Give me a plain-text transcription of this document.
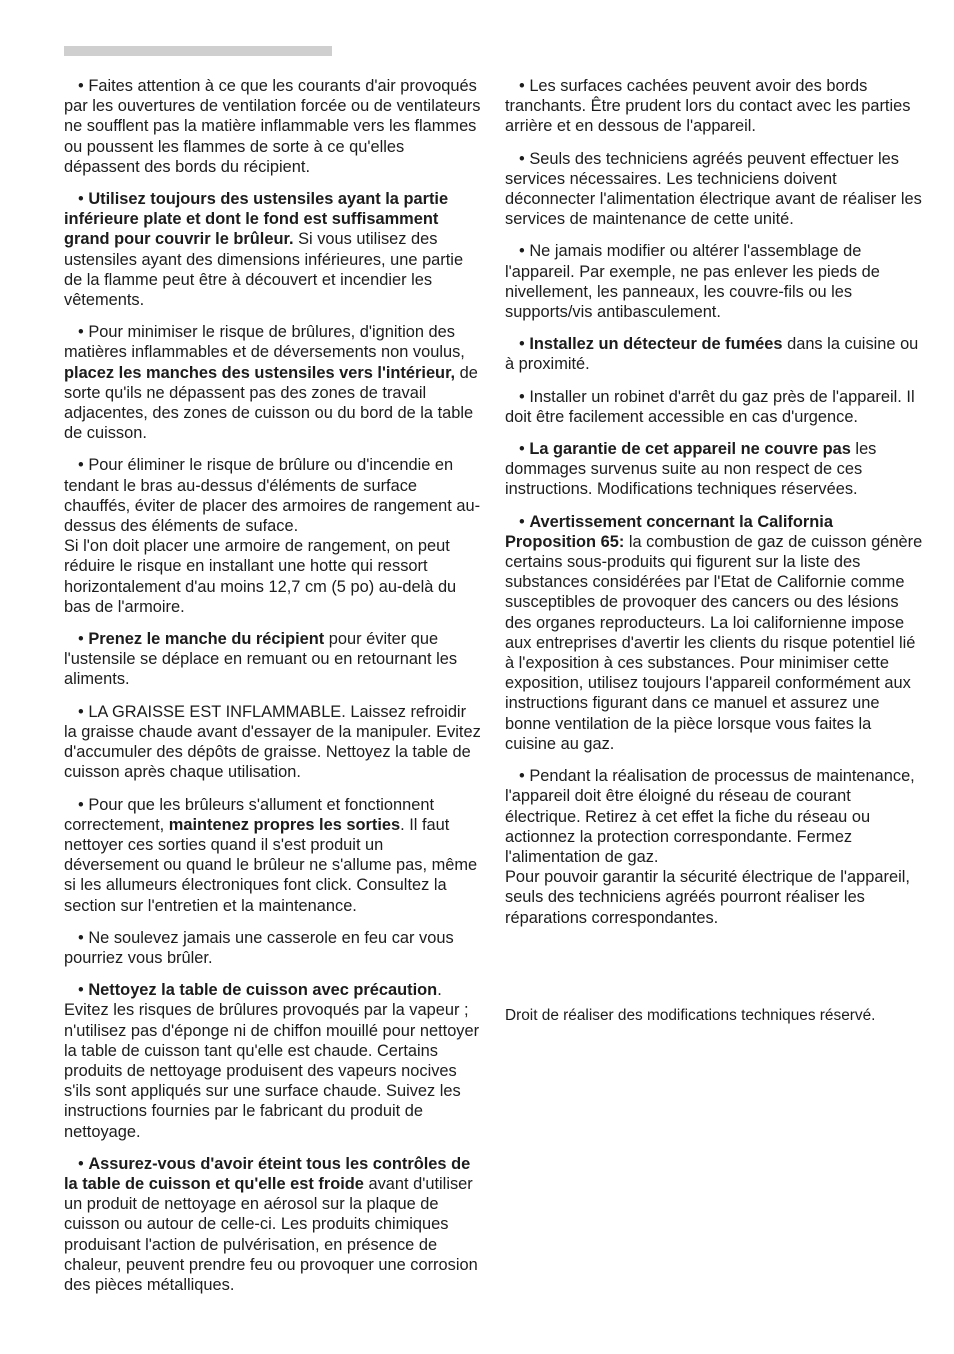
• Faites attention à ce que les courants d'air provoqués par les ouvertures de ventilation forcée ou de ventilateurs ne soufflent pas la matière inflammable vers les flammes ou poussent les flammes de sorte à ce qu'elles dépassent des bords du récipient.

• Utilisez toujours des ustensiles ayant la partie inférieure plate et dont le fond est suffisamment grand pour couvrir le brûleur. Si vous utilisez des ustensiles ayant des dimensions inférieures, une partie de la flamme peut être à découvert et incendier les vêtements.

• Pour minimiser le risque de brûlures, d'ignition des matières inflammables et de déversements non voulus, placez les manches des ustensiles vers l'intérieur, de sorte qu'ils ne dépassent pas des zones de travail adjacentes, des zones de cuisson ou du bord de la table de cuisson.

• Pour éliminer le risque de brûlure ou d'incendie en tendant le bras au-dessus d'éléments de surface chauffés, éviter de placer des armoires de rangement au-dessus des éléments de suface.
Si l'on doit placer une armoire de rangement, on peut réduire le risque en installant une hotte qui ressort horizontalement d'au moins 12,7 cm (5 po) au-delà du bas de l'armoire.

• Prenez le manche du récipient pour éviter que l'ustensile se déplace en remuant ou en retournant les aliments.

• LA GRAISSE EST INFLAMMABLE. Laissez refroidir la graisse chaude avant d'essayer de la manipuler. Evitez d'accumuler des dépôts de graisse. Nettoyez la table de cuisson après chaque utilisation.

• Pour que les brûleurs s'allument et fonctionnent correctement, maintenez propres les sorties. Il faut nettoyer ces sorties quand il s'est produit un déversement ou quand le brûleur ne s'allume pas, même si les allumeurs électroniques font click. Consultez la section sur l'entretien et la maintenance.

• Ne soulevez jamais une casserole en feu car vous pourriez vous brûler.

• Nettoyez la table de cuisson avec précaution. Evitez les risques de brûlures provoqués par la vapeur ; n'utilisez pas d'éponge ni de chiffon mouillé pour nettoyer la table de cuisson tant qu'elle est chaude. Certains produits de nettoyage produisent des vapeurs nocives s'ils sont appliqués sur une surface chaude. Suivez les instructions fournies par le fabricant du produit de nettoyage.

• Assurez-vous d'avoir éteint tous les contrôles de la table de cuisson et qu'elle est froide avant d'utiliser un produit de nettoyage en aérosol sur la plaque de cuisson ou autour de celle-ci. Les produits chimiques produisant l'action de pulvérisation, en présence de chaleur, peuvent prendre feu ou provoquer une corrosion des pièces métalliques.

• Les surfaces cachées peuvent avoir des bords tranchants. Être prudent lors du contact avec les parties arrière et en dessous de l'appareil.

• Seuls des techniciens agréés peuvent effectuer les services nécessaires. Les techniciens doivent déconnecter l'alimentation électrique avant de réaliser les services de maintenance de cette unité.

• Ne jamais modifier ou altérer l'assemblage de l'appareil. Par exemple, ne pas enlever les pieds de nivellement, les panneaux, les couvre-fils ou les supports/vis antibasculement.

• Installez un détecteur de fumées dans la cuisine ou à proximité.

• Installer un robinet d'arrêt du gaz près de l'appareil. Il doit être facilement accessible en cas d'urgence.

• La garantie de cet appareil ne couvre pas les dommages survenus suite au non respect de ces instructions. Modifications techniques réservées.

• Avertissement concernant la California Proposition 65: la combustion de gaz de cuisson génère certains sous-produits qui figurent sur la liste des substances considérées par l'Etat de Californie comme susceptibles de provoquer des cancers ou des lésions des organes reproducteurs. La loi californienne impose aux entreprises d'avertir les clients du risque potentiel lié à l'exposition à ces substances. Pour minimiser cette exposition, utilisez toujours l'appareil conformément aux instructions figurant dans ce manuel et assurez une bonne ventilation de la pièce lorsque vous faites la cuisine au gaz.

• Pendant la réalisation de processus de maintenance, l'appareil doit être éloigné du réseau de courant électrique. Retirez à cet effet la fiche du réseau ou actionnez la protection correspondante. Fermez l'alimentation de gaz.
Pour pouvoir garantir la sécurité électrique de l'appareil, seuls des techniciens agréés pourront réaliser les réparations correspondantes.

Droit de réaliser des modifications techniques réservé.
